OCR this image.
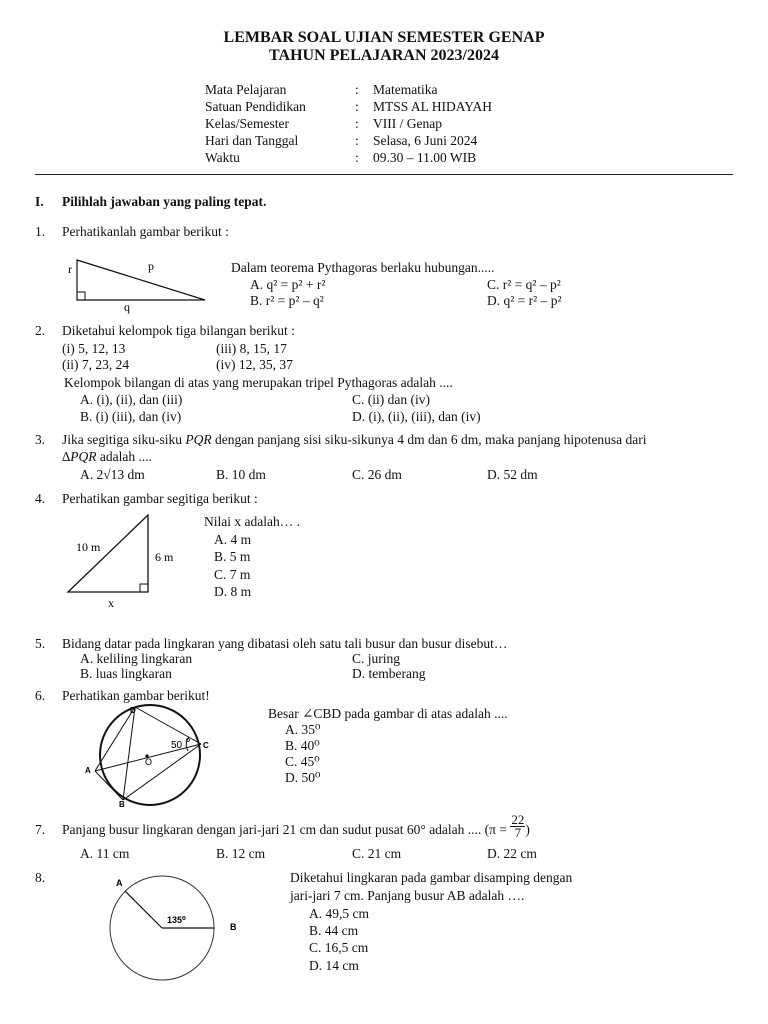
LEMBAR SOAL UJIAN SEMESTER GENAP
TAHUN PELAJARAN 2023/2024
Mata Pelajaran	: Matematika
Satuan Pendidikan	: MTSS AL HIDAYAH
Kelas/Semester	: VIII / Genap
Hari dan Tanggal	: Selasa, 6 Juni 2024
Waktu	: 09.30 – 11.00 WIB
I. Pilihlah jawaban yang paling tepat.
1. Perhatikanlah gambar berikut :
r	p
q
Dalam teorema Pythagoras berlaku hubungan.....
A. q² = p² + r²
B. r² = p² – q²
C. r² = q² – p²
D. q² = r² – p²
2. Diketahui kelompok tiga bilangan berikut :
(i) 5, 12, 13
(ii) 7, 23, 24
(iii) 8, 15, 17
(iv) 12, 35, 37
Kelompok bilangan di atas yang merupakan tripel Pythagoras adalah ....
A. (i), (ii), dan (iii)
B. (i) (iii), dan (iv)
C. (ii) dan (iv)
D. (i), (ii), (iii), dan (iv)
3. Jika segitiga siku-siku PQR dengan panjang sisi siku-sikunya 4 dm dan 6 dm, maka panjang hipotenusa dari
∆PQR adalah ....
A. 2√13 dm	B. 10 dm	C. 26 dm	D. 52 dm
4. Perhatikan gambar segitiga berikut :
10 m
6 m
x
Nilai x adalah… .
A. 4 m
B. 5 m
C. 7 m
D. 8 m
5. Bidang datar pada lingkaran yang dibatasi oleh satu tali busur dan busur disebut…
A. keliling lingkaran
B. luas lingkaran
C. juring
D. temberang
6. Perhatikan gambar berikut!
D
C
A
B
O
50
Besar ∠CBD pada gambar di atas adalah ....
A. 35⁰
B. 40⁰
C. 45⁰
D. 50⁰
7. Panjang busur lingkaran dengan jari-jari 21 cm dan sudut pusat 60° adalah .... ($\pi = \frac{22}{7}$ )
A. 11 cm	B. 12 cm	C. 21 cm	D. 22 cm
8.	A
B
135⁰
Diketahui lingkaran pada gambar disamping dengan
jari-jari 7 cm. Panjang busur AB adalah ….
A. 49,5 cm
B. 44 cm
C. 16,5 cm
D. 14 cm
